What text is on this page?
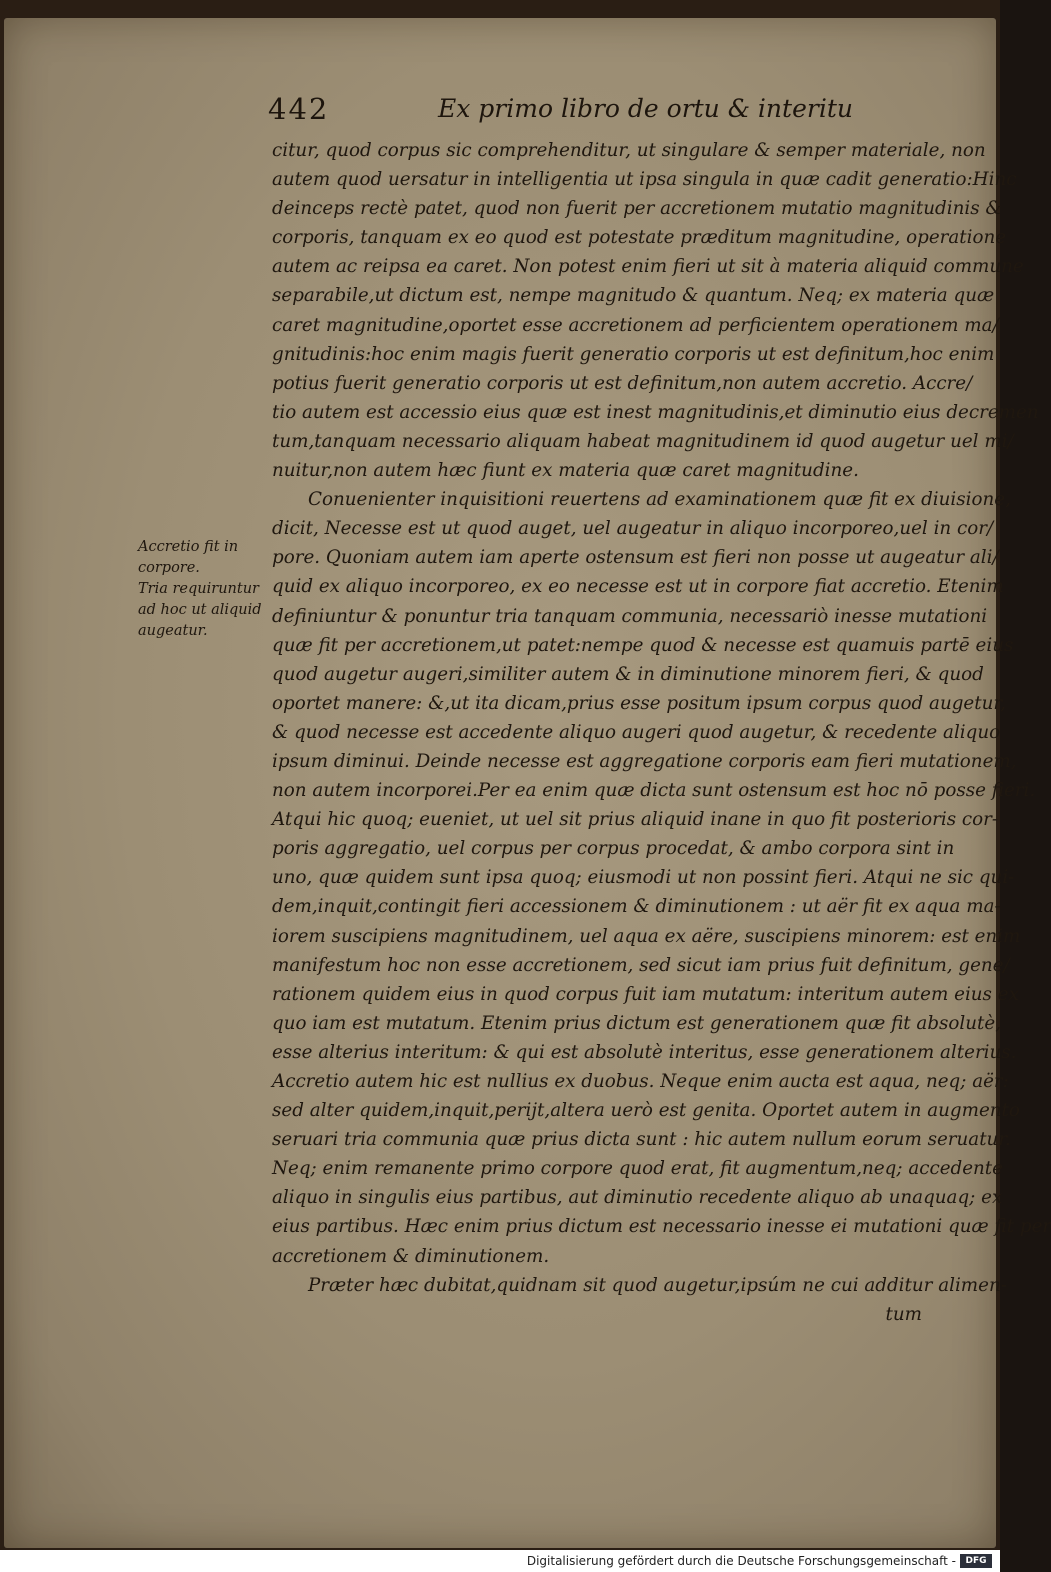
442	Ex primo libro de ortu & interitu
citur, quod corpus sic comprehenditur, ut singulare & semper materiale, non
autem quod uersatur in intelligentia ut ipsa singula in quæ cadit generatio:Hinc
deinceps rectè patet, quod non fuerit per accretionem mutatio magnitudinis &
corporis, tanquam ex eo quod est potestate præditum magnitudine, operatione
autem ac reipsa ea caret. Non potest enim fieri ut sit à materia aliquid commune
separabile,ut dictum est, nempe magnitudo & quantum. Neq; ex materia quæ
caret magnitudine,oportet esse accretionem ad perficientem operationem ma/
gnitudinis:hoc enim magis fuerit generatio corporis ut est definitum,hoc enim
potius fuerit generatio corporis ut est definitum,non autem accretio. Accre/
tio autem est accessio eius quæ est inest magnitudinis,et diminutio eius decremen
tum,tanquam necessario aliquam habeat magnitudinem id quod augetur uel mi/
nuitur,non autem hæc fiunt ex materia quæ caret magnitudine.
Conuenienter inquisitioni reuertens ad examinationem quæ fit ex diuisione,
dicit, Necesse est ut quod auget, uel augeatur in aliquo incorporeo,uel in cor/
pore. Quoniam autem iam aperte ostensum est fieri non posse ut augeatur ali/
quid ex aliquo incorporeo, ex eo necesse est ut in corpore fiat accretio. Etenim
definiuntur & ponuntur tria tanquam communia, necessariò inesse mutationi
quæ fit per accretionem,ut patet:nempe quod & necesse est quamuis partē eius
quod augetur augeri,similiter autem & in diminutione minorem fieri, & quod
oportet manere: &,ut ita dicam,prius esse positum ipsum corpus quod augetur,
& quod necesse est accedente aliquo augeri quod augetur, & recedente aliquo
ipsum diminui. Deinde necesse est aggregatione corporis eam fieri mutationem,
non autem incorporei.Per ea enim quæ dicta sunt ostensum est hoc nō posse fieri.
Atqui hic quoq; eueniet, ut uel sit prius aliquid inane in quo fit posterioris cor-
poris aggregatio, uel corpus per corpus procedat, & ambo corpora sint in
uno, quæ quidem sunt ipsa quoq; eiusmodi ut non possint fieri. Atqui ne sic qui-
dem,inquit,contingit fieri accessionem & diminutionem : ut aër fit ex aqua ma-
iorem suscipiens magnitudinem, uel aqua ex aëre, suscipiens minorem: est enim
manifestum hoc non esse accretionem, sed sicut iam prius fuit definitum, gene/
rationem quidem eius in quod corpus fuit iam mutatum: interitum autem eius ex
quo iam est mutatum. Etenim prius dictum est generationem quæ fit absolutè,
esse alterius interitum: & qui est absolutè interitus, esse generationem alterius.
Accretio autem hic est nullius ex duobus. Neque enim aucta est aqua, neq; aër:
sed alter quidem,inquit,perijt,altera uerò est genita. Oportet autem in augmento
seruari tria communia quæ prius dicta sunt : hic autem nullum eorum seruatur.
Neq; enim remanente primo corpore quod erat, fit augmentum,neq; accedente
aliquo in singulis eius partibus, aut diminutio recedente aliquo ab unaquaq; ex
eius partibus. Hæc enim prius dictum est necessario inesse ei mutationi quæ fit per
accretionem & diminutionem.
Præter hæc dubitat,quidnam sit quod augetur,ipsúm ne cui additur alimen-
tum
Accretio fit in
corpore.
Tria requiruntur
ad hoc ut aliquid
augeatur.
Digitalisierung gefördert durch die Deutsche Forschungsgemeinschaft -	DFG
